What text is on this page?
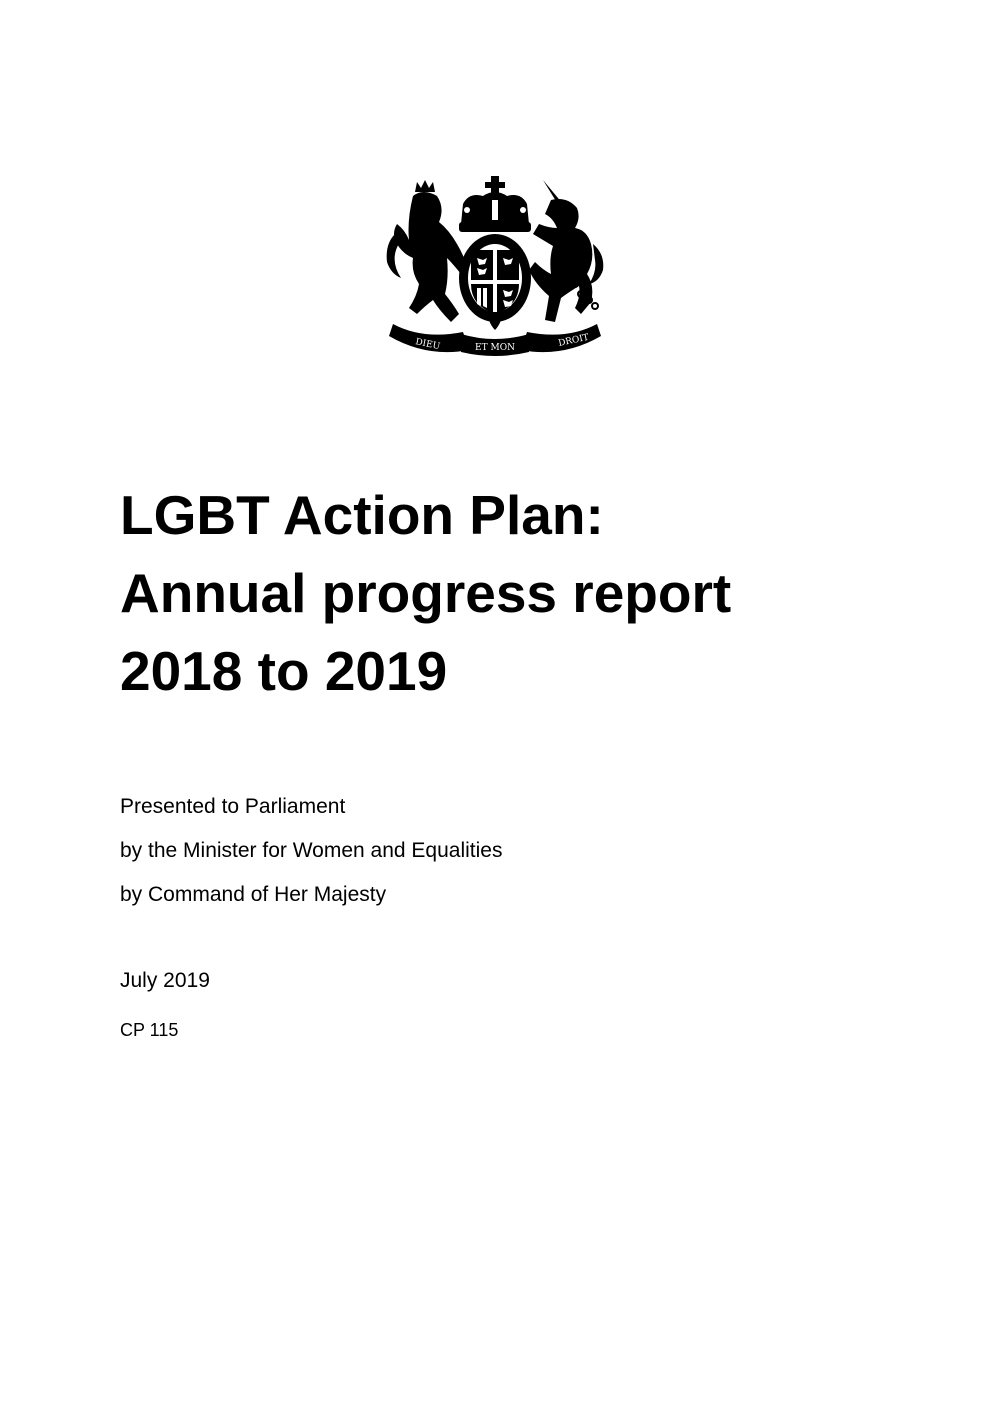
DIEU	ET MON	DROIT
LGBT Action Plan:
Annual progress report
2018 to 2019
Presented to Parliament
by the Minister for Women and Equalities
by Command of Her Majesty
July 2019
CP 115
